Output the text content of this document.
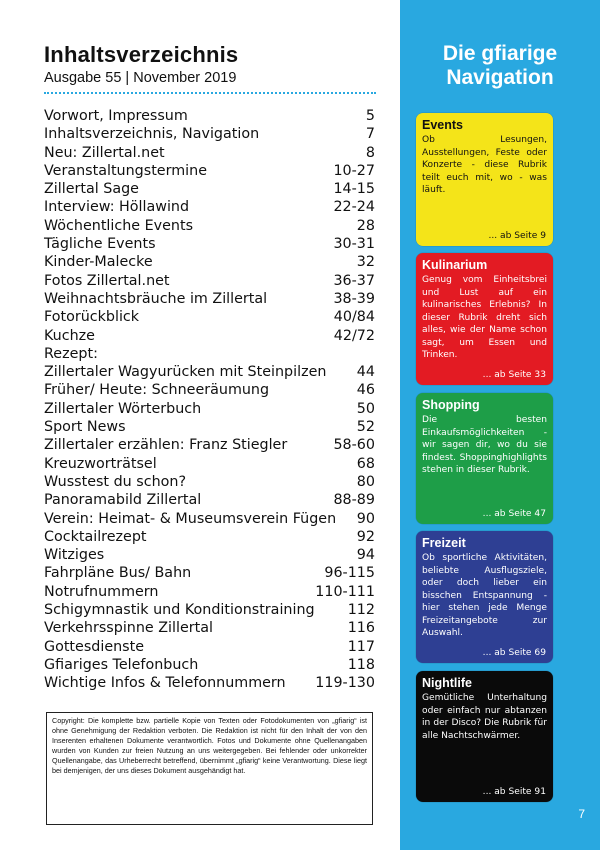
Inhaltsverzeichnis
Ausgabe 55 | November 2019
Vorwort, Impressum	5
Inhaltsverzeichnis, Navigation	7
Neu: Zillertal.net	8
Veranstaltungstermine	10-27
Zillertal Sage	14-15
Interview: Höllawind	22-24
Wöchentliche Events	28
Tägliche Events	30-31
Kinder-Malecke	32
Fotos Zillertal.net	36-37
Weihnachtsbräuche im Zillertal	38-39
Fotorückblick	40/84
Kuchze	42/72
Rezept:
Zillertaler Wagyurücken mit Steinpilzen	44
Früher/ Heute: Schneeräumung	46
Zillertaler Wörterbuch	50
Sport News	52
Zillertaler erzählen: Franz Stiegler	58-60
Kreuzworträtsel	68
Wusstest du schon?	80
Panoramabild Zillertal	88-89
Verein: Heimat- & Museumsverein Fügen	90
Cocktailrezept	92
Witziges	94
Fahrpläne Bus/ Bahn	96-115
Notrufnummern	110-111
Schigymnastik und Konditionstraining	112
Verkehrsspinne Zillertal	116
Gottesdienste	117
Gfiariges Telefonbuch	118
Wichtige Infos & Telefonnummern	119-130
Copyright: Die komplette bzw. partielle Kopie von Texten oder Fotodokumenten von „gfiarig“ ist ohne Genehmigung der Redaktion verboten. Die Redaktion ist nicht für den Inhalt der von den Inserenten erhaltenen Dokumente verantwortlich. Fotos und Dokumente ohne Quellenangaben wurden von Kunden zur freien Nutzung an uns weitergegeben. Bei fehlender oder unkorrekter Quellenangabe, das Urheberrecht betreffend, übernimmt „gfiarig“ keine Verantwortung. Diese liegt bei demjenigen, der uns dieses Dokument ausgehändigt hat.
Die gfiarige
Navigation
Events
Ob Lesungen, Ausstellungen, Feste oder Konzerte - diese Rubrik teilt euch mit, wo - was läuft.
... ab Seite 9
Kulinarium
Genug vom Einheitsbrei und Lust auf ein kulinarisches Erlebnis? In dieser Rubrik dreht sich alles, wie der Name schon sagt, um Essen und Trinken.
... ab Seite 33
Shopping
Die besten Einkaufsmöglichkeiten - wir sagen dir, wo du sie findest. Shoppinghighlights stehen in dieser Rubrik.
... ab Seite 47
Freizeit
Ob sportliche Aktivitäten, beliebte Ausflugsziele, oder doch lieber ein bisschen Entspannung - hier stehen jede Menge Freizeitangebote zur Auswahl.
... ab Seite 69
Nightlife
Gemütliche Unterhaltung oder einfach nur abtanzen in der Disco? Die Rubrik für alle Nachtschwärmer.
... ab Seite 91
7
